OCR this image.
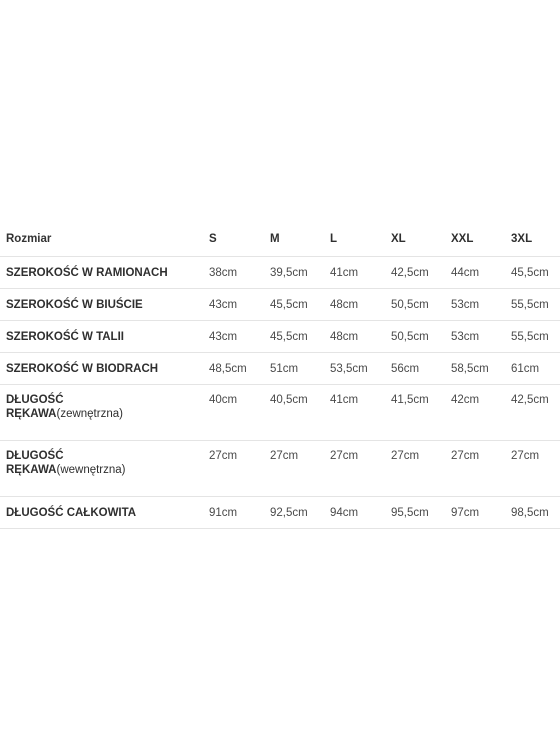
Rozmiar	S	M	L	XL	XXL	3XL
SZEROKOŚĆ W RAMIONACH	38cm	39,5cm	41cm	42,5cm	44cm	45,5cm
SZEROKOŚĆ W BIUŚCIE	43cm	45,5cm	48cm	50,5cm	53cm	55,5cm
SZEROKOŚĆ W TALII	43cm	45,5cm	48cm	50,5cm	53cm	55,5cm
SZEROKOŚĆ W BIODRACH	48,5cm	51cm	53,5cm	56cm	58,5cm	61cm
DŁUGOŚĆ
RĘKAWA(zewnętrzna)	40cm	40,5cm	41cm	41,5cm	42cm	42,5cm
DŁUGOŚĆ
RĘKAWA(wewnętrzna)	27cm	27cm	27cm	27cm	27cm	27cm
DŁUGOŚĆ CAŁKOWITA	91cm	92,5cm	94cm	95,5cm	97cm	98,5cm
